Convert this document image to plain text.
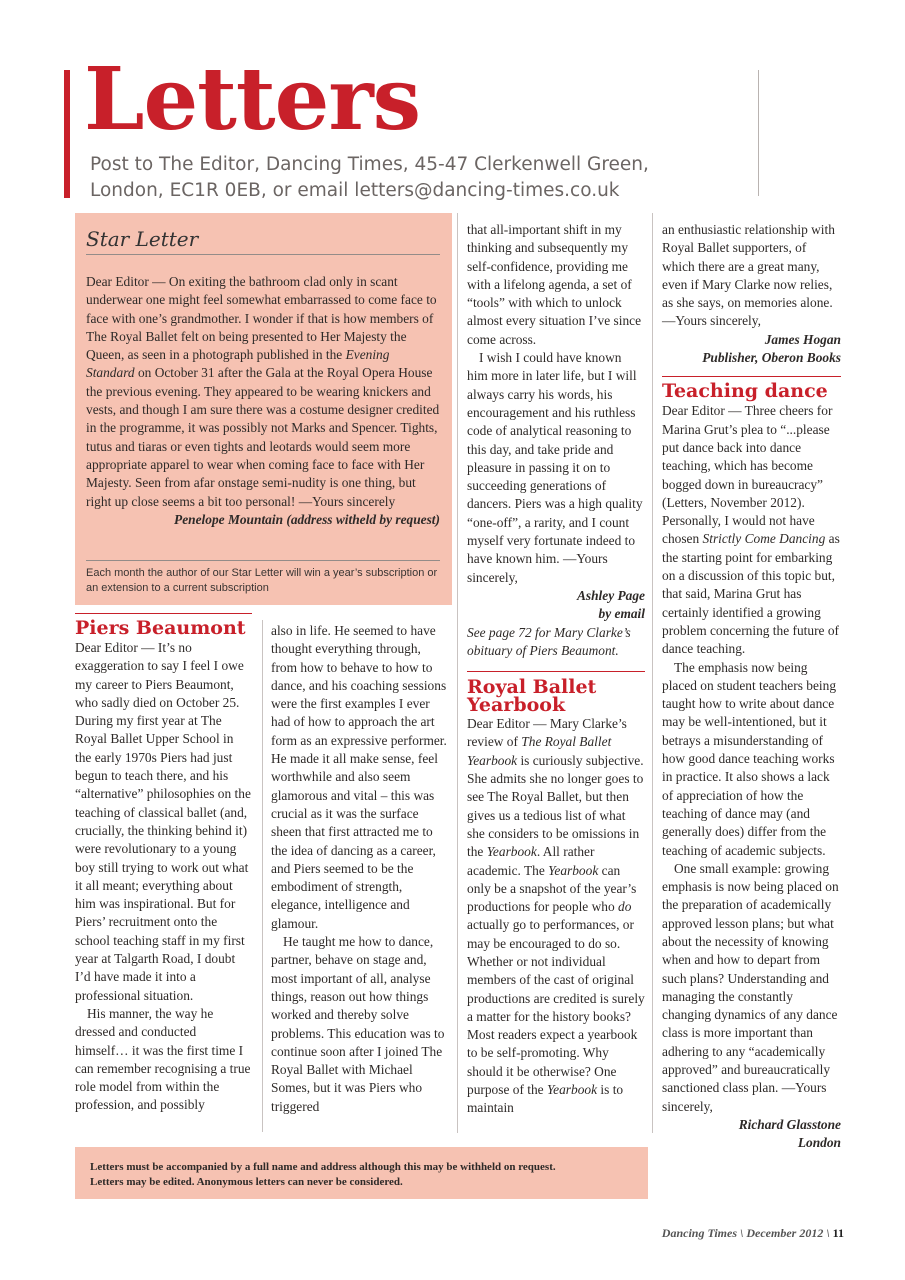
Letters
Post to The Editor, Dancing Times, 45-47 Clerkenwell Green,
London, EC1R 0EB, or email letters@dancing-times.co.uk
Star Letter

Dear Editor — On exiting the bathroom clad only in scant underwear one might feel somewhat embarrassed to come face to face with one’s grandmother. I wonder if that is how members of The Royal Ballet felt on being presented to Her Majesty the Queen, as seen in a photograph published in the Evening Standard on October 31 after the Gala at the Royal Opera House the previous evening. They appeared to be wearing knickers and vests, and though I am sure there was a costume designer credited in the programme, it was possibly not Marks and Spencer. Tights, tutus and tiaras or even tights and leotards would seem more appropriate apparel to wear when coming face to face with Her Majesty. Seen from afar onstage semi-nudity is one thing, but right up close seems a bit too personal! —Yours sincerely

Penelope Mountain (address witheld by request)

Each month the author of our Star Letter will win a year’s subscription or an extension to a current subscription
Piers Beaumont

Dear Editor — It’s no exaggeration to say I feel I owe my career to Piers Beaumont, who sadly died on October 25. During my first year at The Royal Ballet Upper School in the early 1970s Piers had just begun to teach there, and his “alternative” philosophies on the teaching of classical ballet (and, crucially, the thinking behind it) were revolutionary to a young boy still trying to work out what it all meant; everything about him was inspirational. But for Piers’ recruitment onto the school teaching staff in my first year at Talgarth Road, I doubt I’d have made it into a professional situation.

His manner, the way he dressed and conducted himself… it was the first time I can remember recognising a true role model from within the profession, and possibly

also in life. He seemed to have thought everything through, from how to behave to how to dance, and his coaching sessions were the first examples I ever had of how to approach the art form as an expressive performer. He made it all make sense, feel worthwhile and also seem glamorous and vital – this was crucial as it was the surface sheen that first attracted me to the idea of dancing as a career, and Piers seemed to be the embodiment of strength, elegance, intelligence and glamour.

He taught me how to dance, partner, behave on stage and, most important of all, analyse things, reason out how things worked and thereby solve problems. This education was to continue soon after I joined The Royal Ballet with Michael Somes, but it was Piers who triggered

that all-important shift in my thinking and subsequently my self-confidence, providing me with a lifelong agenda, a set of “tools” with which to unlock almost every situation I’ve since come across.

I wish I could have known him more in later life, but I will always carry his words, his encouragement and his ruthless code of analytical reasoning to this day, and take pride and pleasure in passing it on to succeeding generations of dancers. Piers was a high quality “one-off”, a rarity, and I count myself very fortunate indeed to have known him. —Yours sincerely,

Ashley Page

by email

See page 72 for Mary Clarke’s obituary of Piers Beaumont.

Royal Ballet Yearbook

Dear Editor — Mary Clarke’s review of The Royal Ballet Yearbook is curiously subjective. She admits she no longer goes to see The Royal Ballet, but then gives us a tedious list of what she considers to be omissions in the Yearbook. All rather academic. The Yearbook can only be a snapshot of the year’s productions for people who do actually go to performances, or may be encouraged to do so. Whether or not individual members of the cast of original productions are credited is surely a matter for the history books? Most readers expect a yearbook to be self-promoting. Why should it be otherwise? One purpose of the Yearbook is to maintain

an enthusiastic relationship with Royal Ballet supporters, of which there are a great many, even if Mary Clarke now relies, as she says, on memories alone. —Yours sincerely,

James Hogan

Publisher, Oberon Books

Teaching dance

Dear Editor — Three cheers for Marina Grut’s plea to “...please put dance back into dance teaching, which has become bogged down in bureaucracy” (Letters, November 2012). Personally, I would not have chosen Strictly Come Dancing as the starting point for embarking on a discussion of this topic but, that said, Marina Grut has certainly identified a growing problem concerning the future of dance teaching.

The emphasis now being placed on student teachers being taught how to write about dance may be well-intentioned, but it betrays a misunderstanding of how good dance teaching works in practice. It also shows a lack of appreciation of how the teaching of dance may (and generally does) differ from the teaching of academic subjects.

One small example: growing emphasis is now being placed on the preparation of academically approved lesson plans; but what about the necessity of knowing when and how to depart from such plans? Understanding and managing the constantly changing dynamics of any dance class is more important than adhering to any “academically approved” and bureaucratically sanctioned class plan. —Yours sincerely,

Richard Glasstone

London

Letters must be accompanied by a full name and address although this may be withheld on request.
Letters may be edited. Anonymous letters can never be considered.
Dancing Times \ December 2012 \ 11
